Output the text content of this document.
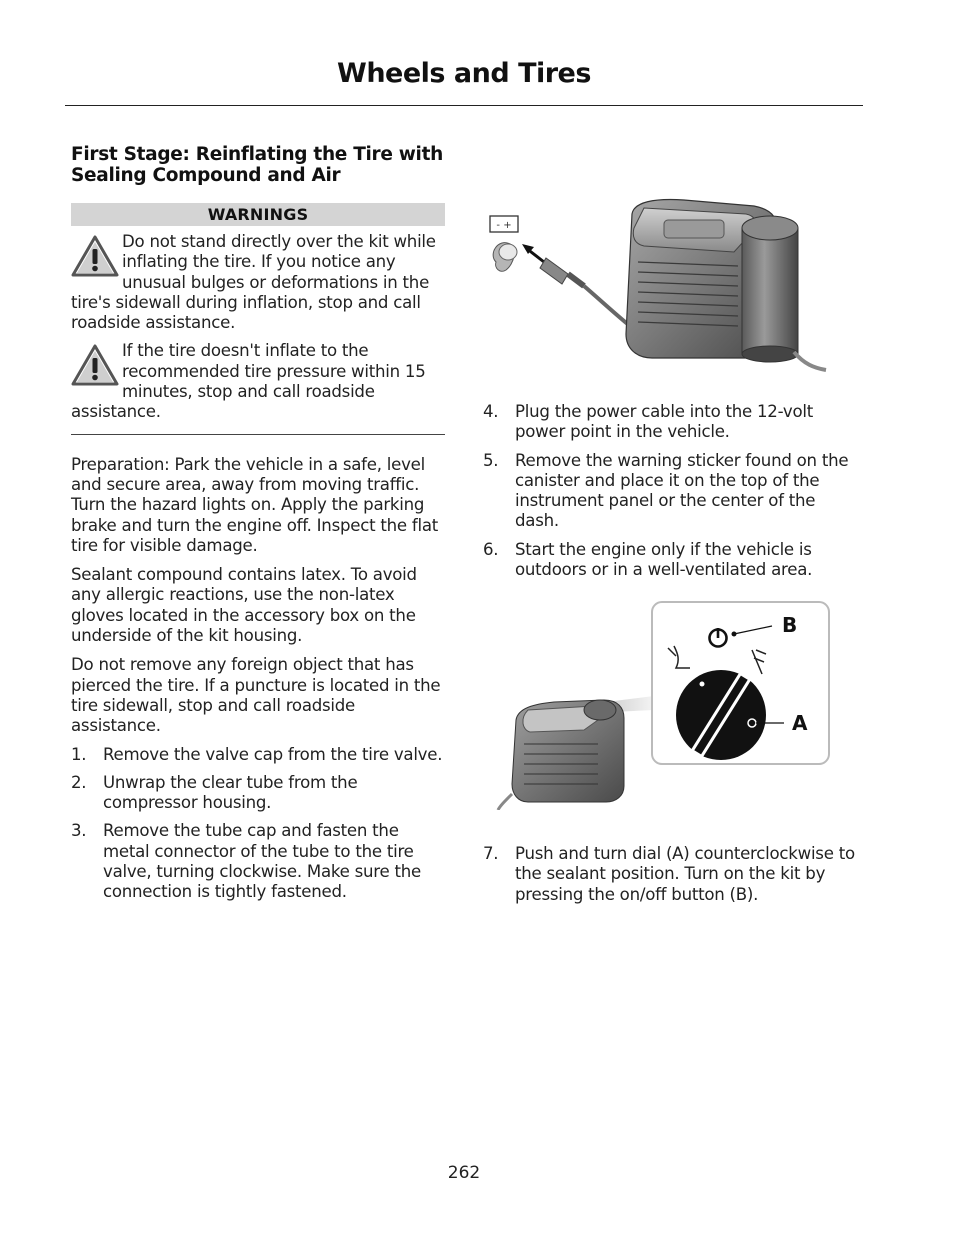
Wheels and Tires
First Stage: Reinflating the Tire with Sealing Compound and Air
WARNINGS

Do not stand directly over the kit while inflating the tire. If you notice any unusual bulges or deformations in the tire's sidewall during inflation, stop and call roadside assistance.

If the tire doesn't inflate to the recommended tire pressure within 15 minutes, stop and call roadside assistance.

Preparation: Park the vehicle in a safe, level and secure area, away from moving traffic. Turn the hazard lights on. Apply the parking brake and turn the engine off. Inspect the flat tire for visible damage.

Sealant compound contains latex. To avoid any allergic reactions, use the non-latex gloves located in the accessory box on the underside of the kit housing.

Do not remove any foreign object that has pierced the tire. If a puncture is located in the tire sidewall, stop and call roadside assistance.

1. Remove the valve cap from the tire valve.
2. Unwrap the clear tube from the compressor housing.
3. Remove the tube cap and fasten the metal connector of the tube to the tire valve, turning clockwise. Make sure the connection is tightly fastened.
- +
4. Plug the power cable into the 12-volt power point in the vehicle.
5. Remove the warning sticker found on the canister and place it on the top of the instrument panel or the center of the dash.
6. Start the engine only if the vehicle is outdoors or in a well-ventilated area.
B
A
7. Push and turn dial (A) counterclockwise to the sealant position. Turn on the kit by pressing the on/off button (B).
262
